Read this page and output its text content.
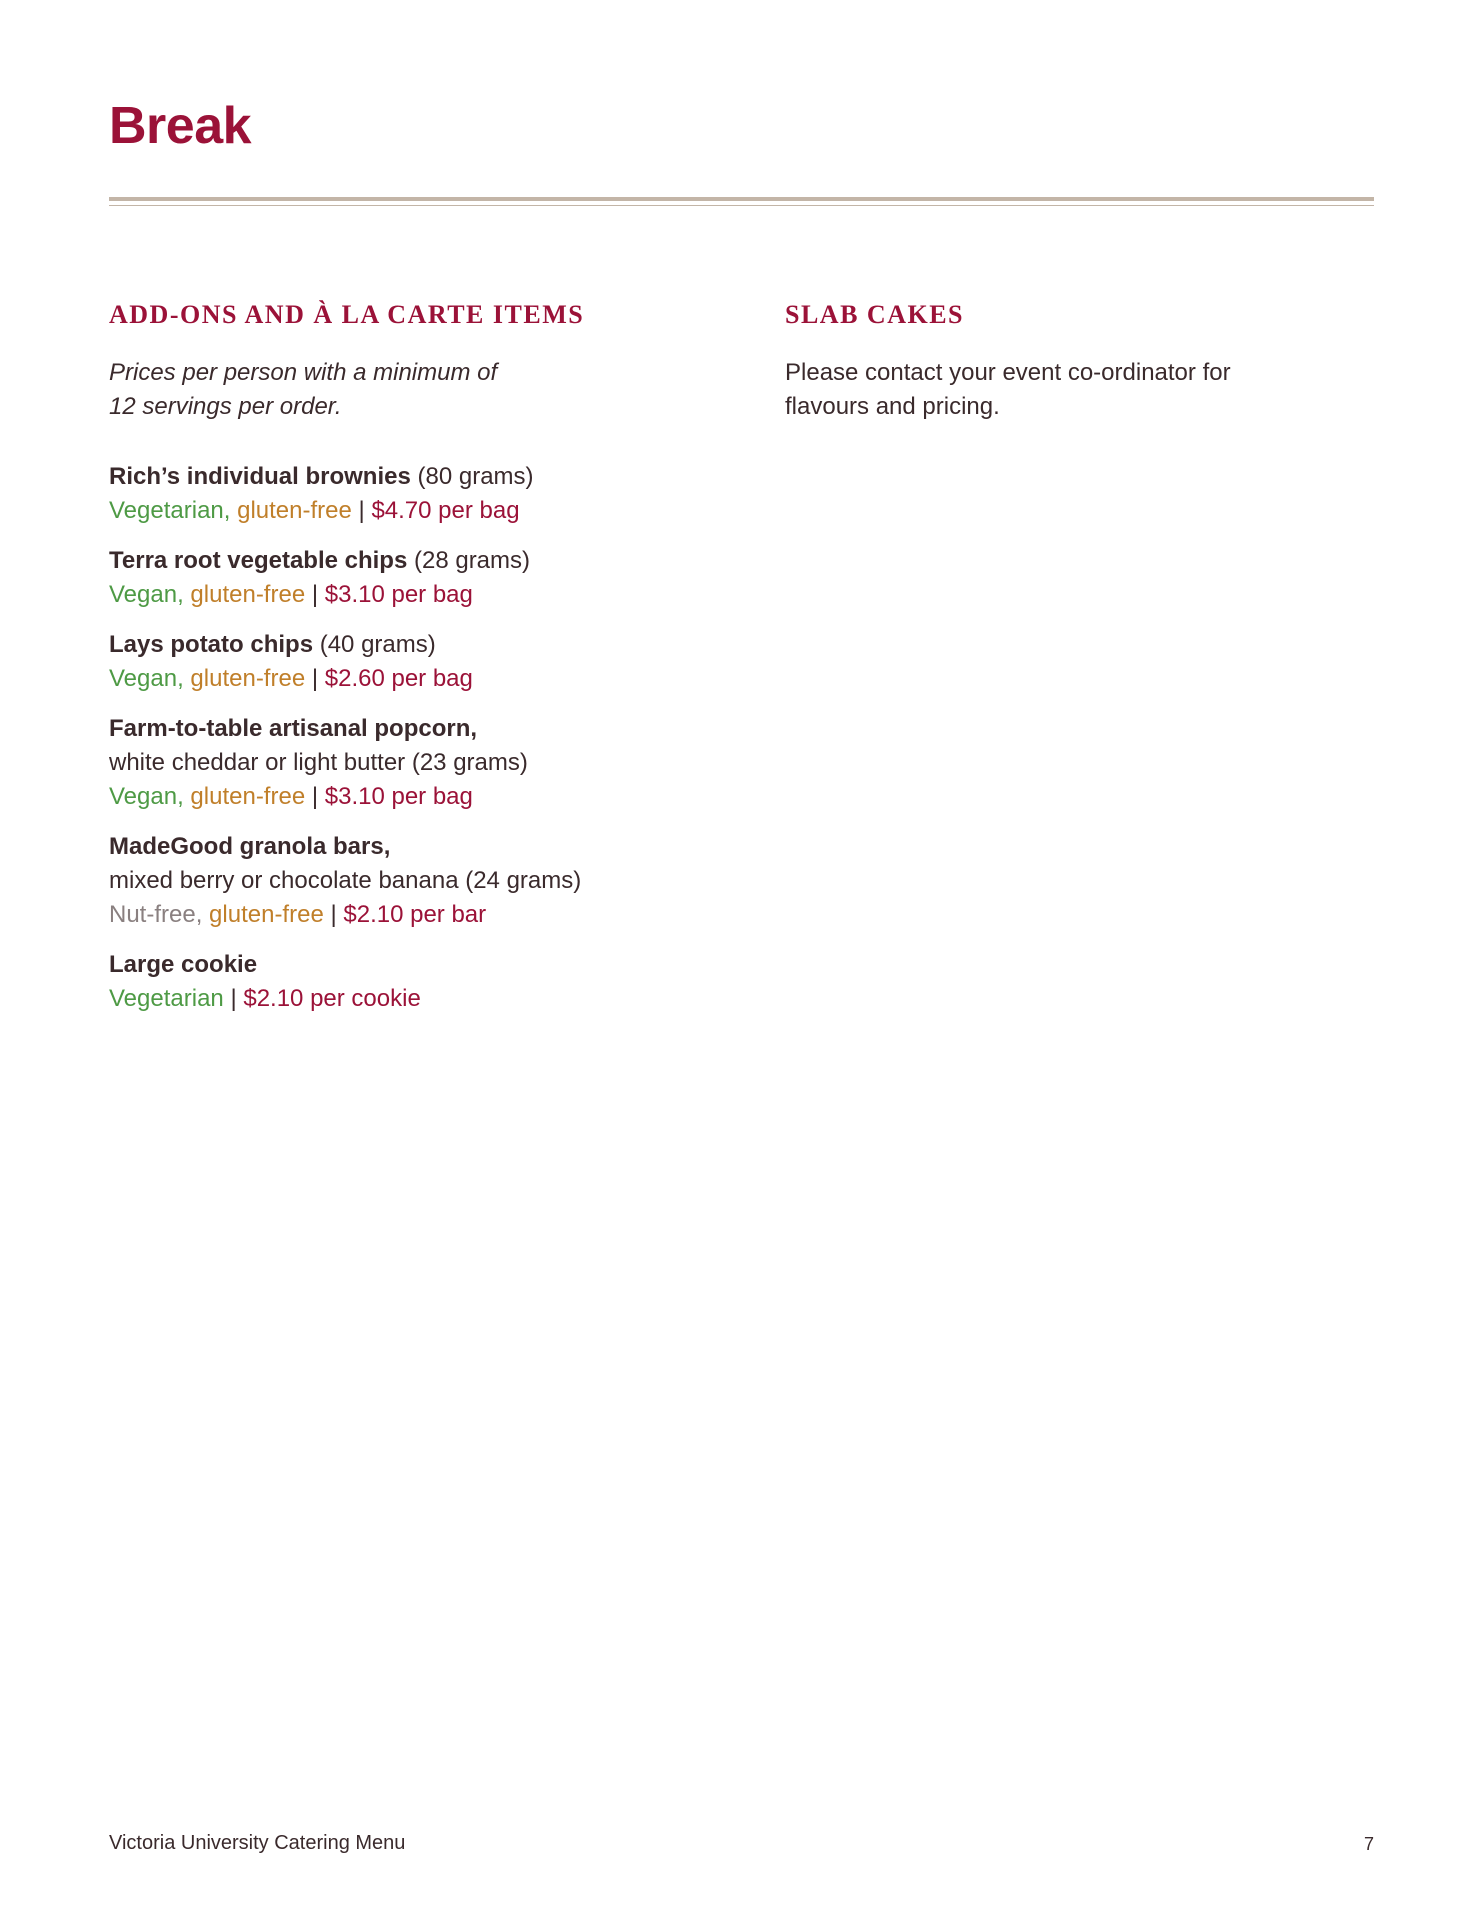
Break
ADD-ONS AND À LA CARTE ITEMS

Prices per person with a minimum of
12 servings per order.

Rich’s individual brownies (80 grams)
Vegetarian, gluten-free | $4.70 per bag
Terra root vegetable chips (28 grams)
Vegan, gluten-free | $3.10 per bag
Lays potato chips (40 grams)
Vegan, gluten-free | $2.60 per bag
Farm-to-table artisanal popcorn,
white cheddar or light butter (23 grams)
Vegan, gluten-free | $3.10 per bag
MadeGood granola bars,
mixed berry or chocolate banana (24 grams)
Nut-free, gluten-free | $2.10 per bar
Large cookie
Vegetarian | $2.10 per cookie
SLAB CAKES

Please contact your event co-ordinator for
flavours and pricing.

Victoria University Catering Menu	7
